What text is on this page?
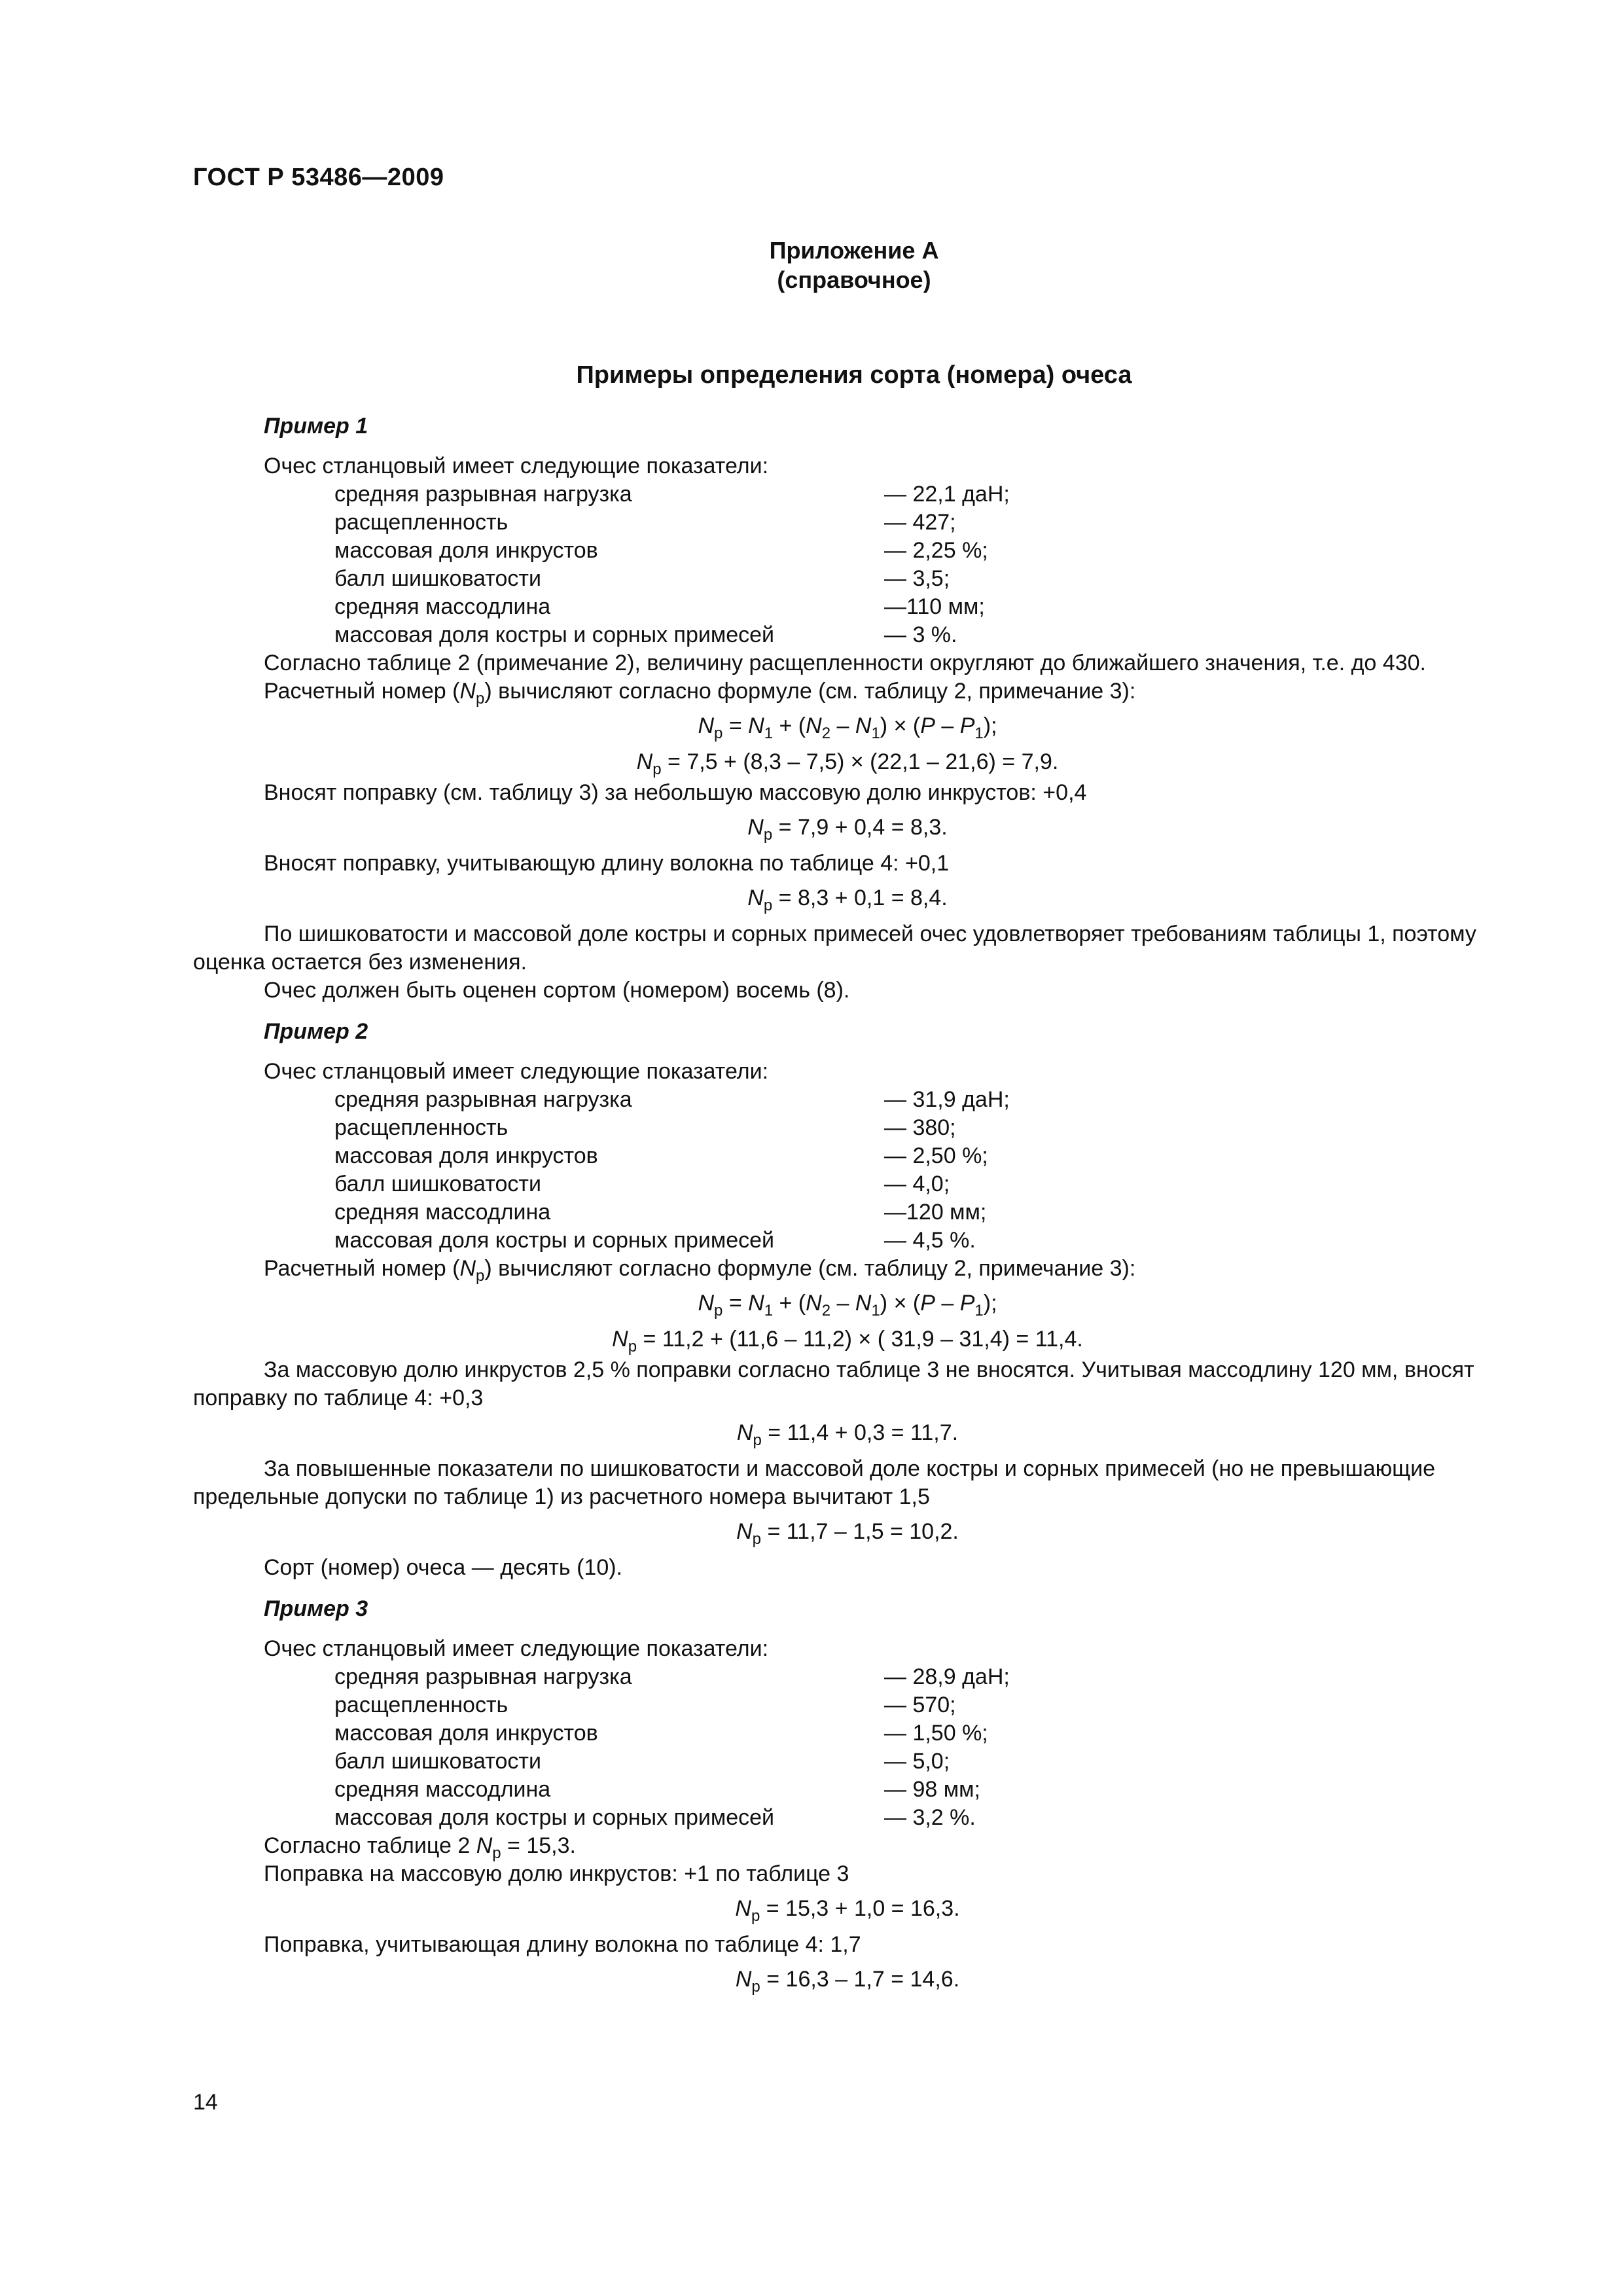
ГОСТ Р 53486—2009
Приложение А
(справочное)
Примеры определения сорта (номера) очеса
Пример 1
Очес стланцовый имеет следующие показатели:
средняя разрывная нагрузка	— 22,1 даН;
расщепленность	— 427;
массовая доля инкрустов	— 2,25 %;
балл шишковатости	— 3,5;
средняя массодлина	—110 мм;
массовая доля костры и сорных примесей	— 3 %.
Согласно таблице 2 (примечание 2), величину расщепленности округляют до ближайшего значения, т.е. до 430.
Расчетный номер $(N_р)$ вычисляют согласно формуле (см. таблицу 2, примечание 3):
$N_р = N_1 + (N_2 - N_1) \times (P - P_1)$;
$N_р = 7,5 + (8,3 - 7,5) \times (22,1 - 21,6) = 7,9$.
Вносят поправку (см. таблицу 3) за небольшую массовую долю инкрустов: +0,4
$N_р = 7,9 + 0,4 = 8,3$.
Вносят поправку, учитывающую длину волокна по таблице 4: +0,1
$N_р = 8,3 + 0,1 = 8,4$.

По шишковатости и массовой доле костры и сорных примесей очес удовлетворяет требованиям таблицы 1, поэтому оценка остается без изменения.

Очес должен быть оценен сортом (номером) восемь (8).
Пример 2
Очес стланцовый имеет следующие показатели:
средняя разрывная нагрузка	— 31,9 даН;
расщепленность	— 380;
массовая доля инкрустов	— 2,50 %;
балл шишковатости	— 4,0;
средняя массодлина	—120 мм;
массовая доля костры и сорных примесей	— 4,5 %.
Расчетный номер $(N_р)$ вычисляют согласно формуле (см. таблицу 2, примечание 3):
$N_р = N_1 + (N_2 - N_1) \times (P - P_1)$;
$N_р = 11,2 + (11,6 - 11,2)$ × ( 31,9 – 31,4) = 11,4.

За массовую долю инкрустов 2,5 % поправки согласно таблице 3 не вносятся. Учитывая массодлину 120 мм, вносят поправку по таблице 4: +0,3

$N_р = 11,4 + 0,3 = 11,7$.

За повышенные показатели по шишковатости и массовой доле костры и сорных примесей (но не превышающие предельные допуски по таблице 1) из расчетного номера вычитают 1,5

$N_р = 11,7 - 1,5 = 10,2$.
Сорт (номер) очеса — десять (10).
Пример 3
Очес стланцовый имеет следующие показатели:
средняя разрывная нагрузка	— 28,9 даН;
расщепленность	— 570;
массовая доля инкрустов	— 1,50 %;
балл шишковатости	— 5,0;
средняя массодлина	— 98 мм;
массовая доля костры и сорных примесей	— 3,2 %.
Согласно таблице 2 $N_р = 15,3$.
Поправка на массовую долю инкрустов: +1 по таблице 3
$N_р = 15,3 + 1,0 = 16,3$.
Поправка, учитывающая длину волокна по таблице 4: 1,7
$N_р = 16,3 - 1,7 = 14,6$.
14
